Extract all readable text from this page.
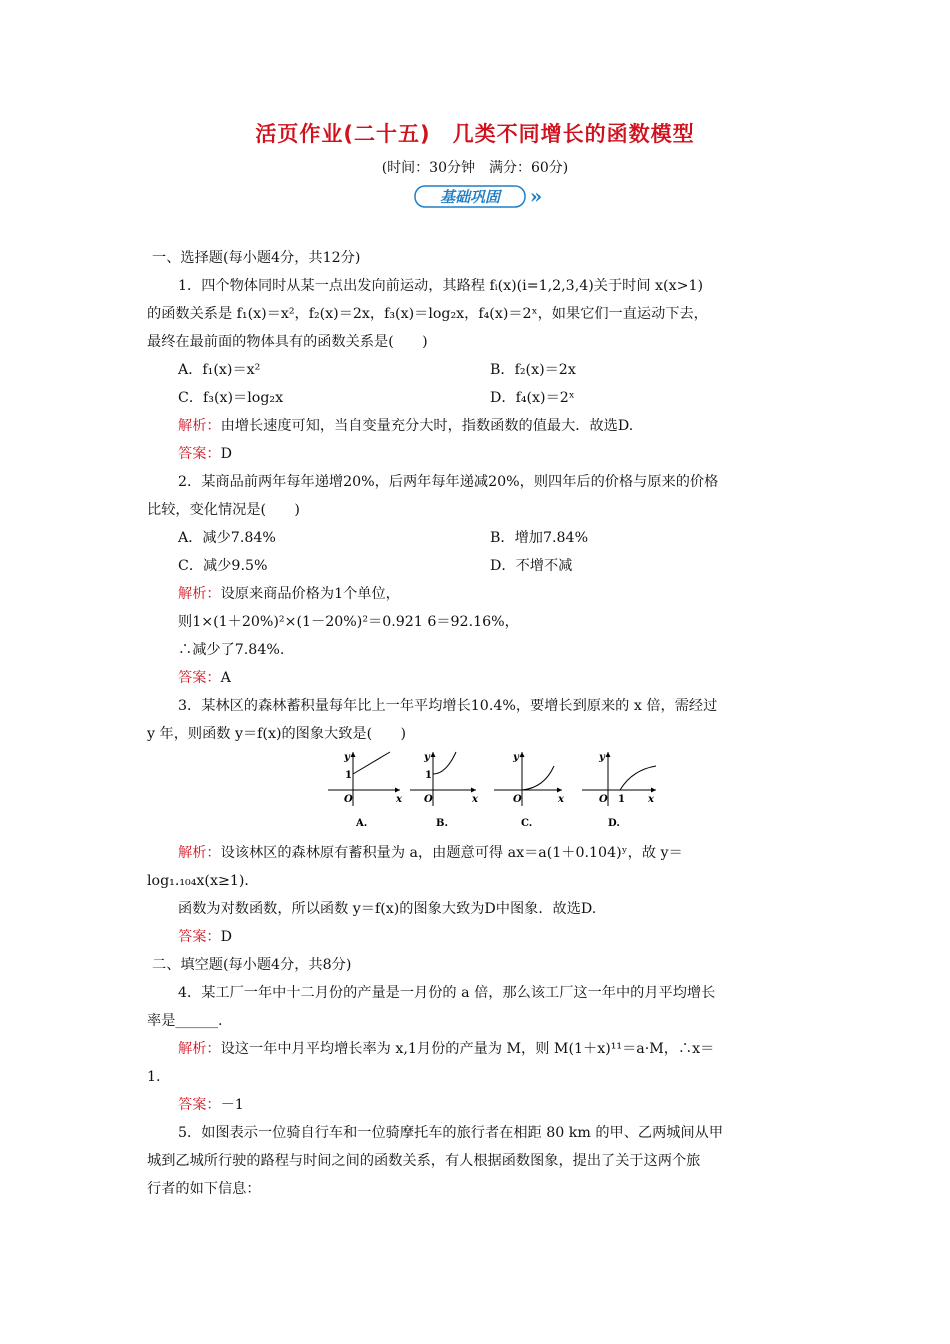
活页作业(二十五)　几类不同增长的函数模型
(时间：30分钟　满分：60分)
基础巩固 »
一、选择题(每小题4分，共12分)
1．四个物体同时从某一点出发向前运动，其路程 fᵢ(x)(i=1,2,3,4)关于时间 x(x>1)
的函数关系是 f₁(x)＝x²，f₂(x)＝2x，f₃(x)＝log₂x，f₄(x)＝2ˣ，如果它们一直运动下去，
最终在最前面的物体具有的函数关系是(　　)
A．f₁(x)＝x²	B．f₂(x)＝2x
C．f₃(x)＝log₂x	D．f₄(x)＝2ˣ
解析：由增长速度可知，当自变量充分大时，指数函数的值最大．故选D.
答案：D
2．某商品前两年每年递增20%，后两年每年递减20%，则四年后的价格与原来的价格
比较，变化情况是(　　)
A．减少7.84%	B．增加7.84%
C．减少9.5%	D．不增不减
解析：设原来商品价格为1个单位，
则1×(1＋20%)²×(1－20%)²＝0.921 6＝92.16%，
∴减少了7.84%.
答案：A
3．某林区的森林蓄积量每年比上一年平均增长10.4%，要增长到原来的 x 倍，需经过
y 年，则函数 y＝f(x)的图象大致是(　　)
y
x
O
1
A.
y
x
O
1
B.
y
x
O
C.
y
x
O 1
D.
解析：设该林区的森林原有蓄积量为 a，由题意可得 ax＝a(1＋0.104)ʸ，故 y＝
log₁.₁₀₄x(x≥1)．
函数为对数函数，所以函数 y＝f(x)的图象大致为D中图象．故选D.
答案：D
二、填空题(每小题4分，共8分)
4．某工厂一年中十二月份的产量是一月份的 a 倍，那么该工厂这一年中的月平均增长
率是______.
解析：设这一年中月平均增长率为 x,1月份的产量为 M，则 M(1＋x)¹¹＝a·M，∴x＝
1.
答案：－1
5．如图表示一位骑自行车和一位骑摩托车的旅行者在相距 80 km 的甲、乙两城间从甲
城到乙城所行驶的路程与时间之间的函数关系，有人根据函数图象，提出了关于这两个旅
行者的如下信息：
